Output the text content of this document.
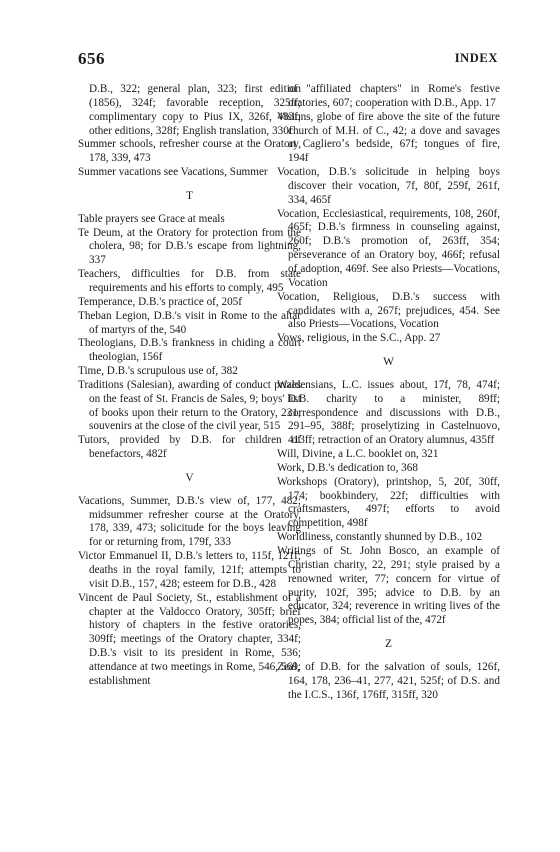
656	INDEX

D.B., 322; general plan, 323; first edition (1856), 324f; favorable reception, 325ff; complimentary copy to Pius IX, 326f, 483f; other editions, 328f; English translation, 330f

Summer schools, refresher course at the Oratory, 178, 339, 473

Summer vacations see Vacations, Summer

T

Table prayers see Grace at meals

Te Deum, at the Oratory for protection from the cholera, 98; for D.B.'s escape from lightning, 337

Teachers, difficulties for D.B. from state requirements and his efforts to comply, 495

Temperance, D.B.'s practice of, 205f

Theban Legion, D.B.'s visit in Rome to the altar of martyrs of the, 540

Theologians, D.B.'s frankness in chiding a court theologian, 156f

Time, D.B.'s scrupulous use of, 382

Traditions (Salesian), awarding of conduct prizes on the feast of St. Francis de Sales, 9; boys' list of books upon their return to the Oratory, 231; souvenirs at the close of the civil year, 515

Tutors, provided by D.B. for children of benefactors, 482f

V

Vacations, Summer, D.B.'s view of, 177, 482; midsummer refresher course at the Oratory, 178, 339, 473; solicitude for the boys leaving for or returning from, 179f, 333

Victor Emmanuel II, D.B.'s letters to, 115f, 121f; deaths in the royal family, 121f; attempts to visit D.B., 157, 428; esteem for D.B., 428

Vincent de Paul Society, St., establishment of a chapter at the Valdocco Oratory, 305ff; brief history of chapters in the festive oratories, 309ff; meetings of the Oratory chapter, 334f; D.B.'s visit to its president in Rome, 536; attendance at two meetings in Rome, 546, 569; establishment

of "affiliated chapters" in Rome's festive oratories, 607; cooperation with D.B., App. 17

Visions, globe of fire above the site of the future church of M.H. of C., 42; a dove and savages at Caglieroʼs bedside, 67f; tongues of fire, 194f

Vocation, D.B.'s solicitude in helping boys discover their vocation, 7f, 80f, 259f, 261f, 334, 465f

Vocation, Ecclesiastical, requirements, 108, 260f, 465f; D.B.'s firmness in counseling against, 260f; D.B.'s promotion of, 263ff, 354; perseverance of an Oratory boy, 466f; refusal of adoption, 469f. See also Priests—Vocations, Vocation

Vocation, Religious, D.B.'s success with candidates with a, 267f; prejudices, 454. See also Priests—Vocations, Vocation

Vows, religious, in the S.C., App. 27

W

Waldensians, L.C. issues about, 17f, 78, 474f; D.B. charity to a minister, 89ff; correspondence and discussions with D.B., 291–95, 388f; proselytizing in Castelnuovo, 413ff; retraction of an Oratory alumnus, 435ff

Will, Divine, a L.C. booklet on, 321

Work, D.B.'s dedication to, 368

Workshops (Oratory), printshop, 5, 20f, 30ff, 174; bookbindery, 22f; difficulties with craftsmasters, 497f; efforts to avoid competition, 498f

Worldliness, constantly shunned by D.B., 102

Writings of St. John Bosco, an example of Christian charity, 22, 291; style praised by a renowned writer, 77; concern for virtue of purity, 102f, 395; advice to D.B. by an educator, 324; reverence in writing lives of the popes, 384; official list of the, 472f

Z

Zeal, of D.B. for the salvation of souls, 126f, 164, 178, 236–41, 277, 421, 525f; of D.S. and the I.C.S., 136f, 176ff, 315ff, 320
